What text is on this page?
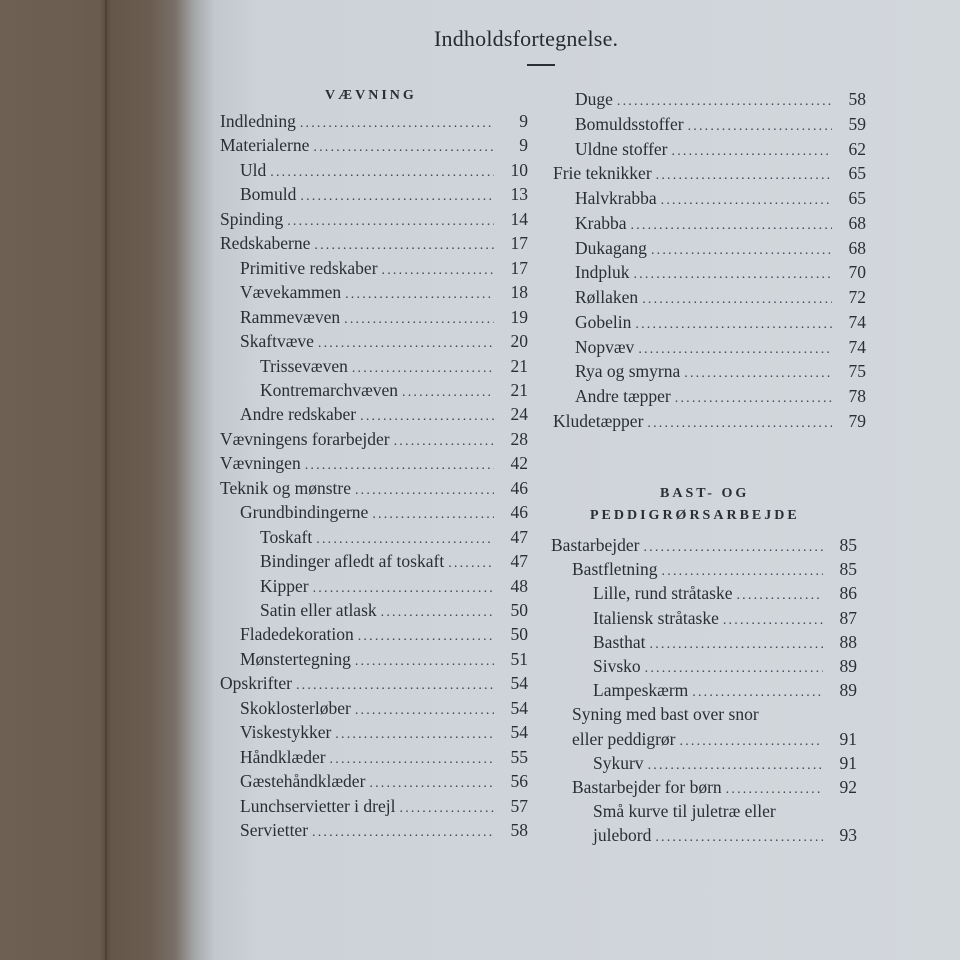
Indholdsfortegnelse.
VÆVNING
Indledning .....	9
Materialerne .....	9
Uld .....	10
Bomuld .....	13
Spinding .....	14
Redskaberne .....	17
Primitive redskaber .....	17
Vævekammen .....	18
Rammevæven .....	19
Skaftvæve .....	20
Trissevæven .....	21
Kontremarchvæven .....	21
Andre redskaber .....	24
Vævningens forarbejder .....	28
Vævningen .....	42
Teknik og mønstre .....	46
Grundbindingerne .....	46
Toskaft .....	47
Bindinger afledt af toskaft .....	47
Kipper .....	48
Satin eller atlask .....	50
Fladedekoration .....	50
Mønstertegning .....	51
Opskrifter .....	54
Skoklosterløber .....	54
Viskestykker .....	54
Håndklæder .....	55
Gæstehåndklæder .....	56
Lunchservietter i drejl .....	57
Servietter .....	58
Duge .....	58
Bomuldsstoffer .....	59
Uldne stoffer .....	62
Frie teknikker .....	65
Halvkrabba .....	65
Krabba .....	68
Dukagang .....	68
Indpluk .....	70
Røllaken .....	72
Gobelin .....	74
Nopvæv .....	74
Rya og smyrna .....	75
Andre tæpper .....	78
Kludetæpper .....	79
BAST- OG
PEDDIGRØRSARBEJDE
Bastarbejder .....	85
Bastfletning .....	85
Lille, rund stråtaske .....	86
Italiensk stråtaske .....	87
Basthat .....	88
Sivsko .....	89
Lampeskærm .....	89
Syning med bast over snor
eller peddigrør .....	91
Sykurv .....	91
Bastarbejder for børn .....	92
Små kurve til juletræ eller
julebord .....	93
